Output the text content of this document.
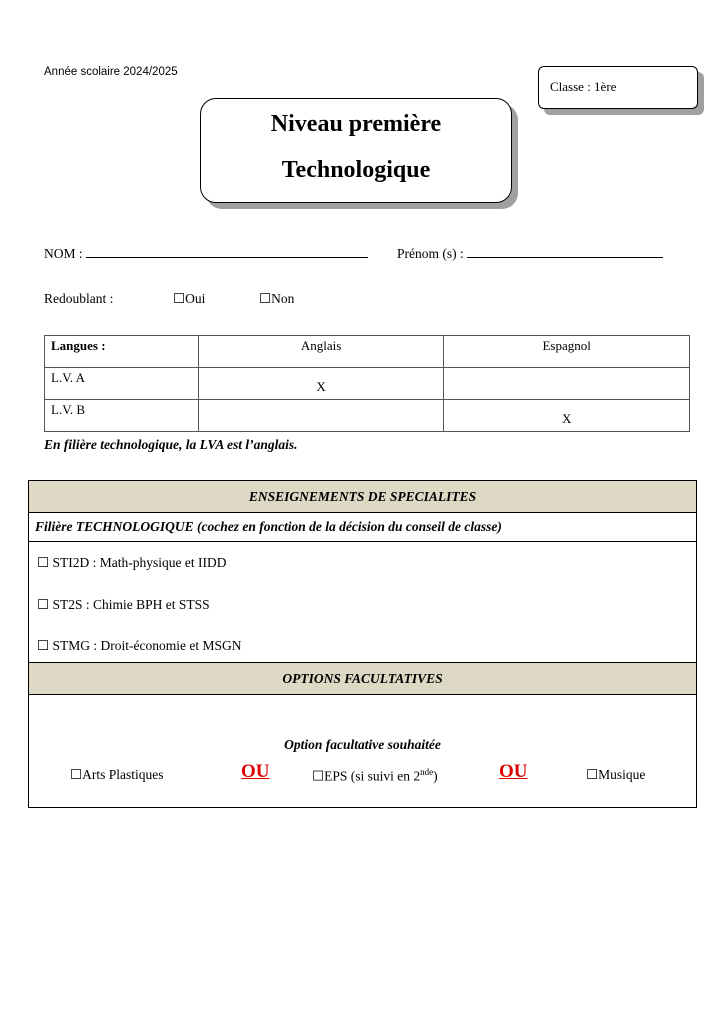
Année scolaire 2024/2025
Classe : 1ère
Niveau première
Technologique
NOM :	Prénom (s) :
Redoublant :	☐Oui	☐Non
Langues :	Anglais	Espagnol
L.V. A	X	
L.V. B		X
En filière technologique, la LVA est l’anglais.
ENSEIGNEMENTS DE SPECIALITES
Filière TECHNOLOGIQUE (cochez en fonction de la décision du conseil de classe)
☐ STI2D : Math-physique et IIDD
☐ ST2S : Chimie BPH et STSS
☐ STMG : Droit-économie et MSGN
OPTIONS FACULTATIVES
Option facultative souhaitée
☐Arts Plastiques	OU	☐EPS (si suivi en 2nde)	OU	☐Musique
